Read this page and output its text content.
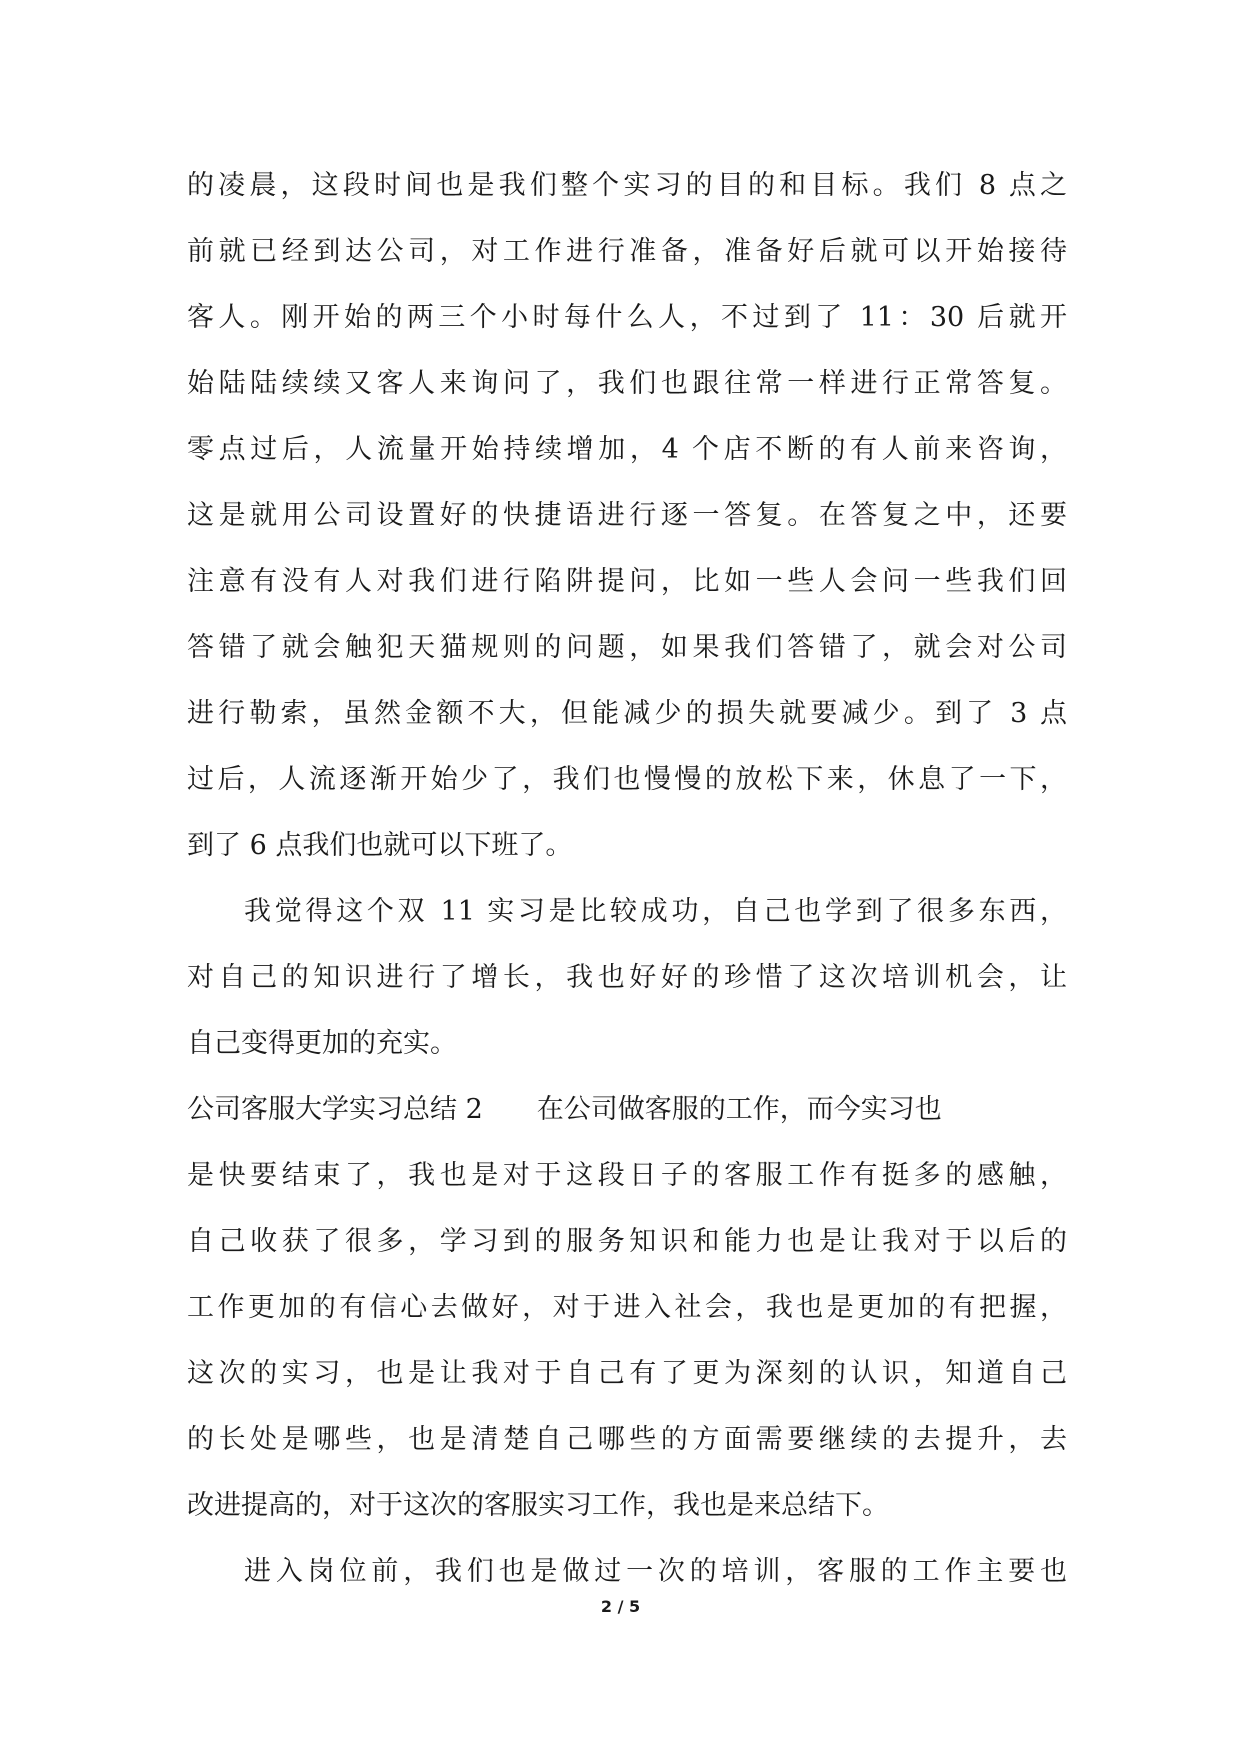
的凌晨，这段时间也是我们整个实习的目的和目标。我们 8 点之
前就已经到达公司，对工作进行准备，准备好后就可以开始接待
客人。刚开始的两三个小时每什么人，不过到了 11：30 后就开
始陆陆续续又客人来询问了，我们也跟往常一样进行正常答复。
零点过后，人流量开始持续增加，4 个店不断的有人前来咨询，
这是就用公司设置好的快捷语进行逐一答复。在答复之中，还要
注意有没有人对我们进行陷阱提问，比如一些人会问一些我们回
答错了就会触犯天猫规则的问题，如果我们答错了，就会对公司
进行勒索，虽然金额不大，但能减少的损失就要减少。到了 3 点
过后，人流逐渐开始少了，我们也慢慢的放松下来，休息了一下，
到了 6 点我们也就可以下班了。
我觉得这个双 11 实习是比较成功，自己也学到了很多东西，
对自己的知识进行了增长，我也好好的珍惜了这次培训机会，让
自己变得更加的充实。
公司客服大学实习总结 2 在公司做客服的工作，而今实习也
是快要结束了，我也是对于这段日子的客服工作有挺多的感触，
自己收获了很多，学习到的服务知识和能力也是让我对于以后的
工作更加的有信心去做好，对于进入社会，我也是更加的有把握，
这次的实习，也是让我对于自己有了更为深刻的认识，知道自己
的长处是哪些，也是清楚自己哪些的方面需要继续的去提升，去
改进提高的，对于这次的客服实习工作，我也是来总结下。
进入岗位前，我们也是做过一次的培训，客服的工作主要也
2 / 5
